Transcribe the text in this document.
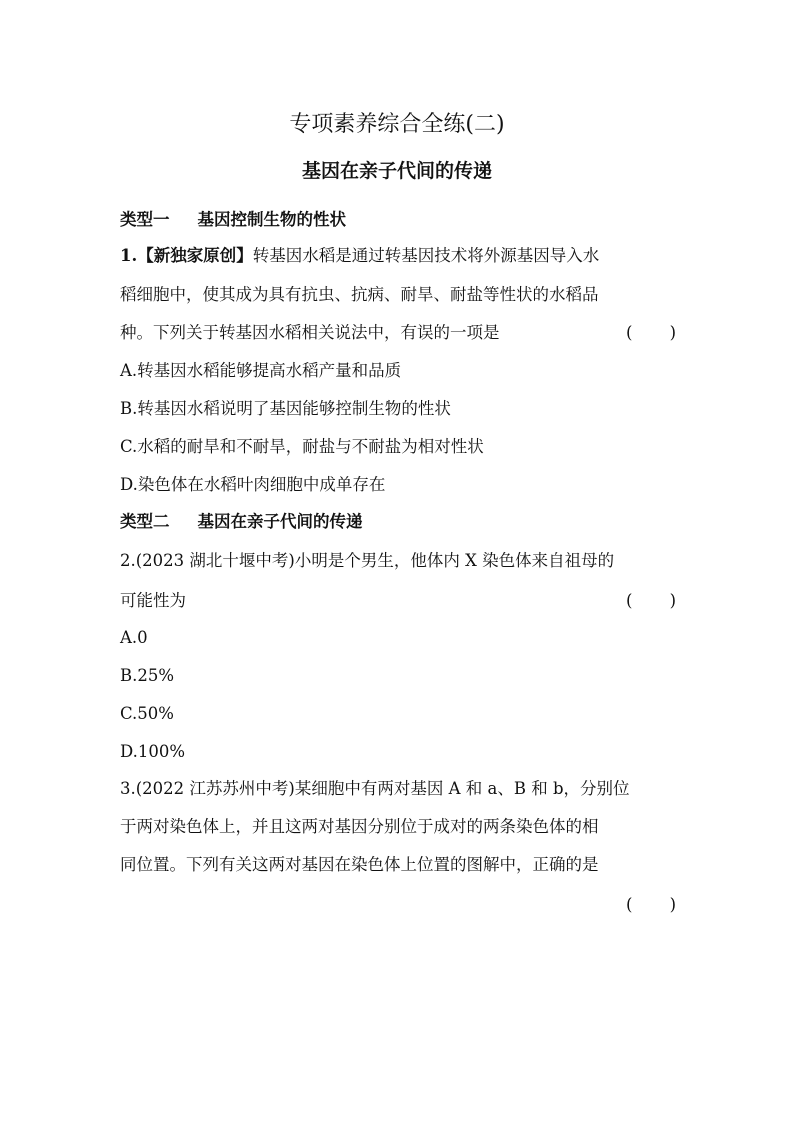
专项素养综合全练(二)
基因在亲子代间的传递
类型一 基因控制生物的性状
1.【新独家原创】转基因水稻是通过转基因技术将外源基因导入水
稻细胞中，使其成为具有抗虫、抗病、耐旱、耐盐等性状的水稻品
种。下列关于转基因水稻相关说法中，有误的一项是	( )
A.转基因水稻能够提高水稻产量和品质
B.转基因水稻说明了基因能够控制生物的性状
C.水稻的耐旱和不耐旱，耐盐与不耐盐为相对性状
D.染色体在水稻叶肉细胞中成单存在
类型二 基因在亲子代间的传递
2.(2023 湖北十堰中考)小明是个男生，他体内 X 染色体来自祖母的
可能性为	( )
A.0
B.25%
C.50%
D.100%
3.(2022 江苏苏州中考)某细胞中有两对基因 A 和 a、B 和 b，分别位
于两对染色体上，并且这两对基因分别位于成对的两条染色体的相
同位置。下列有关这两对基因在染色体上位置的图解中，正确的是
( )
